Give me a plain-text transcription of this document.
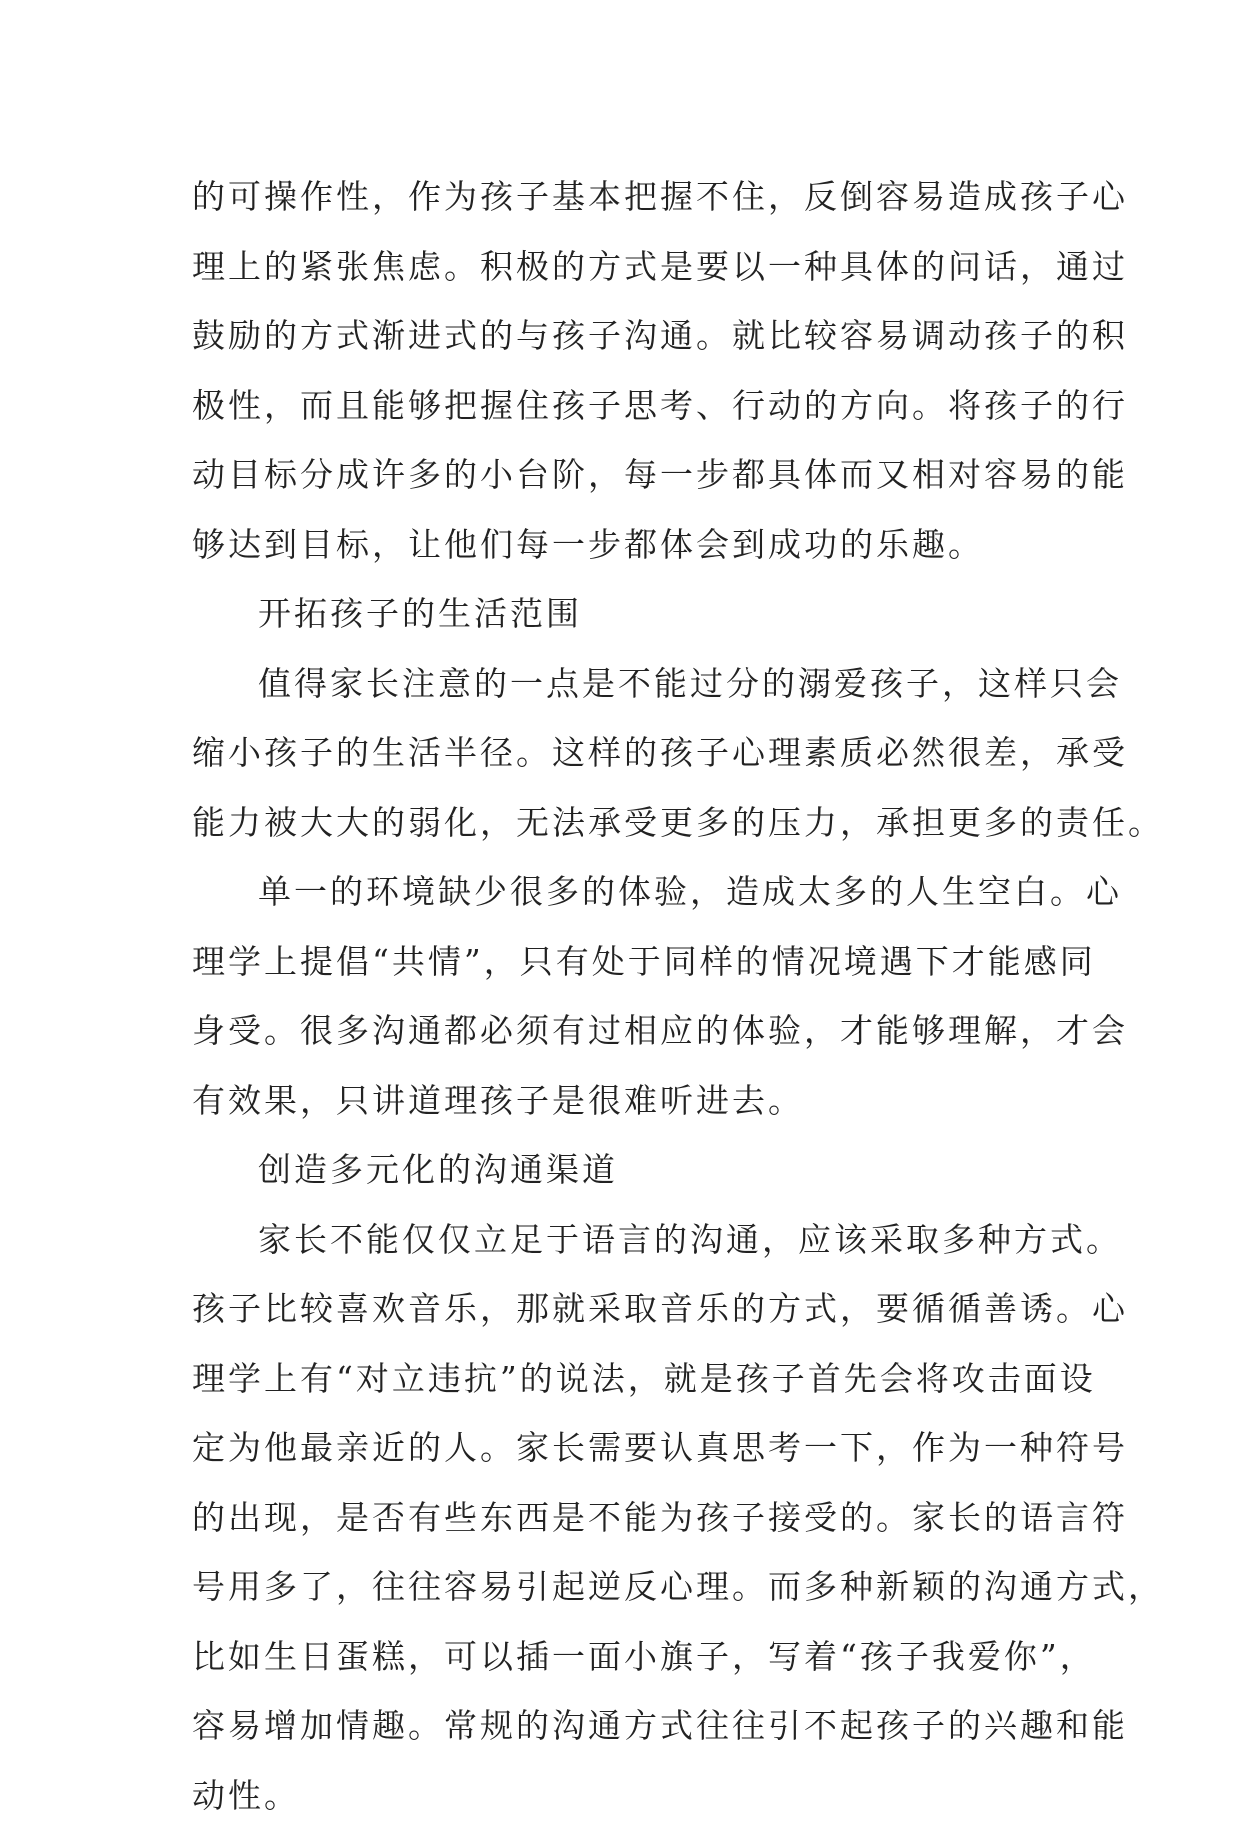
的可操作性，作为孩子基本把握不住，反倒容易造成孩子心
理上的紧张焦虑。积极的方式是要以一种具体的问话，通过
鼓励的方式渐进式的与孩子沟通。就比较容易调动孩子的积
极性，而且能够把握住孩子思考、行动的方向。将孩子的行
动目标分成许多的小台阶，每一步都具体而又相对容易的能
够达到目标，让他们每一步都体会到成功的乐趣。
开拓孩子的生活范围
值得家长注意的一点是不能过分的溺爱孩子，这样只会
缩小孩子的生活半径。这样的孩子心理素质必然很差，承受
能力被大大的弱化，无法承受更多的压力，承担更多的责任。
单一的环境缺少很多的体验，造成太多的人生空白。心
理学上提倡“共情”，只有处于同样的情况境遇下才能感同
身受。很多沟通都必须有过相应的体验，才能够理解，才会
有效果，只讲道理孩子是很难听进去。
创造多元化的沟通渠道
家长不能仅仅立足于语言的沟通，应该采取多种方式。
孩子比较喜欢音乐，那就采取音乐的方式，要循循善诱。心
理学上有“对立违抗”的说法，就是孩子首先会将攻击面设
定为他最亲近的人。家长需要认真思考一下，作为一种符号
的出现，是否有些东西是不能为孩子接受的。家长的语言符
号用多了，往往容易引起逆反心理。而多种新颖的沟通方式，
比如生日蛋糕，可以插一面小旗子，写着“孩子我爱你”，
容易增加情趣。常规的沟通方式往往引不起孩子的兴趣和能
动性。
